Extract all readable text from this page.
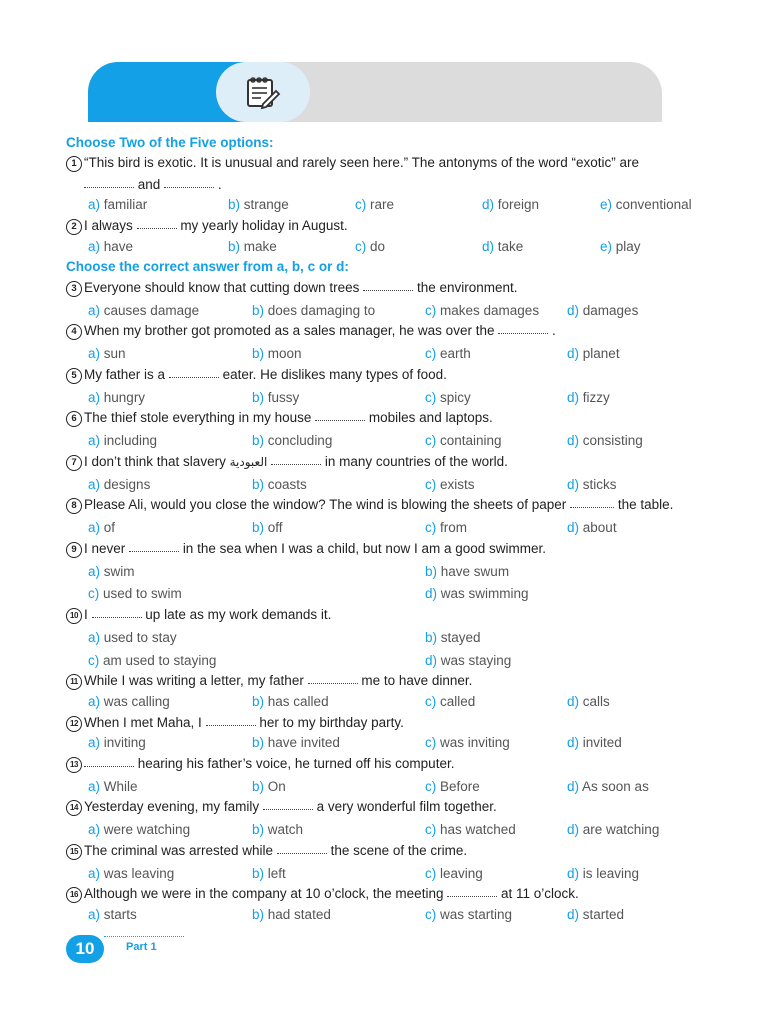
Choose Two of the Five options:
1 “This bird is exotic. It is unusual and rarely seen here.” The antonyms of the word “exotic” are
and	.
a) familiar	b) strange	c) rare	d) foreign	e) conventional
2 I always	my yearly holiday in August.
a) have	b) make	c) do	d) take	e) play
Choose the correct answer from a, b, c or d:
3 Everyone should know that cutting down trees	the environment.
a) causes damage	b) does damaging to	c) makes damages d) damages
4 When my brother got promoted as a sales manager, he was over the	.
a) sun	b) moon	c) earth	d) planet
5 My father is a	eater. He dislikes many types of food.
a) hungry	b) fussy	c) spicy	d) fizzy
6 The thief stole everything in my house	mobiles and laptops.
a) including	b) concluding	c) containing	d) consisting
7 I don’t think that slavery العبودية	in many countries of the world.
a) designs	b) coasts	c) exists	d) sticks
8 Please Ali, would you close the window? The wind is blowing the sheets of paper	the table.
a) of	b) off	c) from	d) about
9 I never	in the sea when I was a child, but now I am a good swimmer.
a) swim	b) have swum
c) used to swim	d) was swimming
10 I	up late as my work demands it.
a) used to stay	b) stayed
c) am used to staying	d) was staying
11 While I was writing a letter, my father	me to have dinner.
a) was calling	b) has called	c) called	d) calls
12 When I met Maha, I	her to my birthday party.
a) inviting	b) have invited	c) was inviting	d) invited
13	hearing his father’s voice, he turned off his computer.
a) While	b) On	c) Before	d) As soon as
14 Yesterday evening, my family	a very wonderful film together.
a) were watching	b) watch	c) has watched	d) are watching
15 The criminal was arrested while	the scene of the crime.
a) was leaving	b) left	c) leaving	d) is leaving
16 Although we were in the company at 10 o’clock, the meeting	at 11 o’clock.
a) starts	b) had stated	c) was starting	d) started
10	Part 1
